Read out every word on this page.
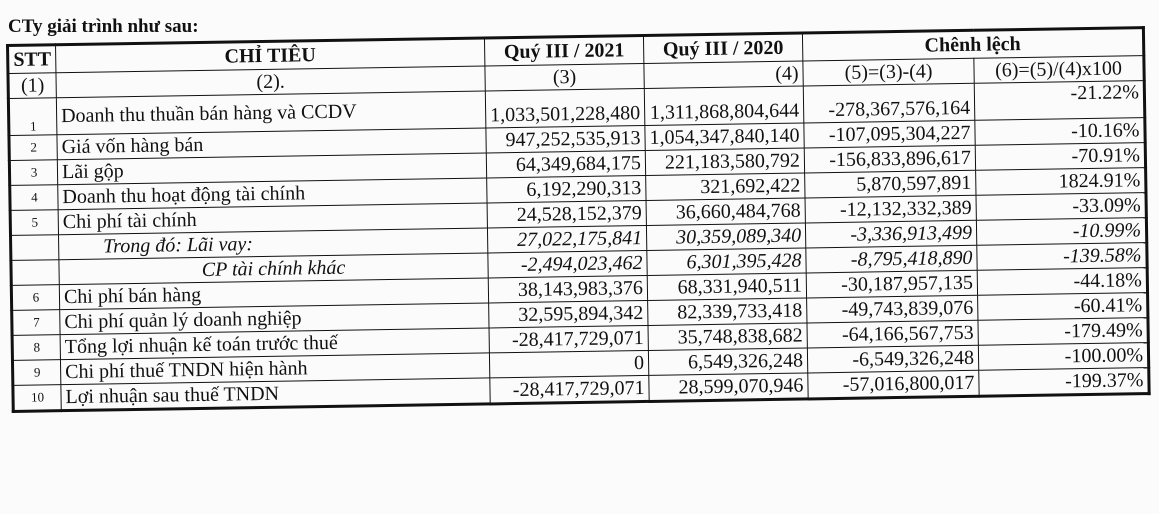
CTy giải trình như sau:
STT	CHỈ TIÊU	Quý III / 2021	Quý III / 2020	Chênh lệch	
(1)	(2).	(3)	(4)	(5)=(3)-(4)	(6)=(5)/(4)x100
1	Doanh thu thuần bán hàng và CCDV	1,033,501,228,480	1,311,868,804,644	-278,367,576,164	-21.22%
2	Giá vốn hàng bán	947,252,535,913	1,054,347,840,140	-107,095,304,227	-10.16%
3	Lãi gộp	64,349,684,175	221,183,580,792	-156,833,896,617	-70.91%
4	Doanh thu hoạt động tài chính	6,192,290,313	321,692,422	5,870,597,891	1824.91%
5	Chi phí tài chính	24,528,152,379	36,660,484,768	-12,132,332,389	-33.09%
	Trong đó: Lãi vay:	27,022,175,841	30,359,089,340	-3,336,913,499	-10.99%
	CP tài chính khác	-2,494,023,462	6,301,395,428	-8,795,418,890	-139.58%
6	Chi phí bán hàng	38,143,983,376	68,331,940,511	-30,187,957,135	-44.18%
7	Chi phí quản lý doanh nghiệp	32,595,894,342	82,339,733,418	-49,743,839,076	-60.41%
8	Tổng lợi nhuận kế toán trước thuế	-28,417,729,071	35,748,838,682	-64,166,567,753	-179.49%
9	Chi phí thuế TNDN hiện hành	0	6,549,326,248	-6,549,326,248	-100.00%
10	Lợi nhuận sau thuế TNDN	-28,417,729,071	28,599,070,946	-57,016,800,017	-199.37%
